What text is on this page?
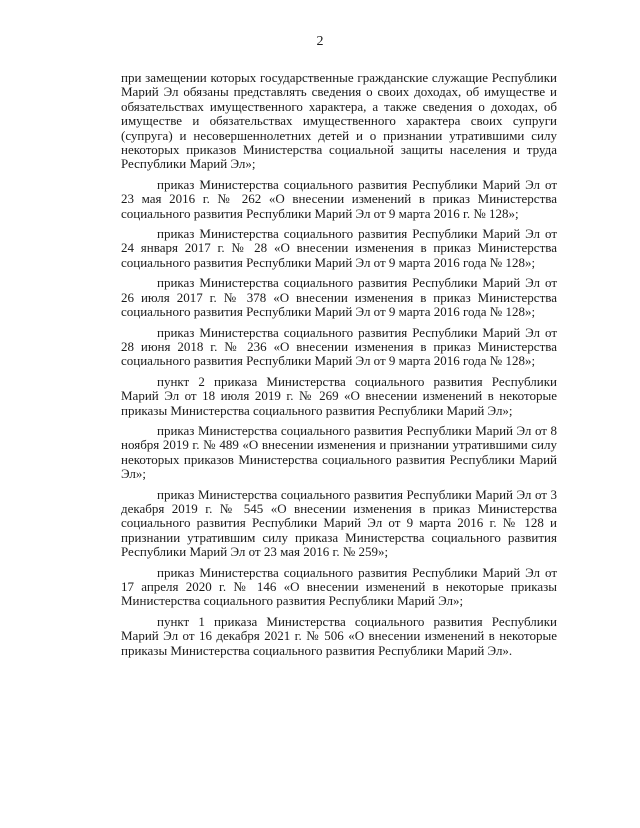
2

при замещении которых государственные гражданские служащие Республики Марий Эл обязаны представлять сведения о своих доходах, об имуществе и обязательствах имущественного характера, а также сведения о доходах, об имуществе и обязательствах имущественного характера своих супруги (супруга) и несовершеннолетних детей и о признании утратившими силу некоторых приказов Министерства социальной защиты населения и труда Республики Марий Эл»;

приказ Министерства социального развития Республики Марий Эл от 23 мая 2016 г. № 262 «О внесении изменений в приказ Министерства социального развития Республики Марий Эл от 9 марта 2016 г. № 128»;

приказ Министерства социального развития Республики Марий Эл от 24 января 2017 г. № 28 «О внесении изменения в приказ Министерства социального развития Республики Марий Эл от 9 марта 2016 года № 128»;

приказ Министерства социального развития Республики Марий Эл от 26 июля 2017 г. № 378 «О внесении изменения в приказ Министерства социального развития Республики Марий Эл от 9 марта 2016 года № 128»;

приказ Министерства социального развития Республики Марий Эл от 28 июня 2018 г. № 236 «О внесении изменения в приказ Министерства социального развития Республики Марий Эл от 9 марта 2016 года № 128»;

пункт 2 приказа Министерства социального развития Республики Марий Эл от 18 июля 2019 г. № 269 «О внесении изменений в некоторые приказы Министерства социального развития Республики Марий Эл»;

приказ Министерства социального развития Республики Марий Эл от 8 ноября 2019 г. № 489 «О внесении изменения и признании утратившими силу некоторых приказов Министерства социального развития Республики Марий Эл»;

приказ Министерства социального развития Республики Марий Эл от 3 декабря 2019 г. № 545 «О внесении изменения в приказ Министерства социального развития Республики Марий Эл от 9 марта 2016 г. № 128 и признании утратившим силу приказа Министерства социального развития Республики Марий Эл от 23 мая 2016 г. № 259»;

приказ Министерства социального развития Республики Марий Эл от 17 апреля 2020 г. № 146 «О внесении изменений в некоторые приказы Министерства социального развития Республики Марий Эл»;

пункт 1 приказа Министерства социального развития Республики Марий Эл от 16 декабря 2021 г. № 506 «О внесении изменений в некоторые приказы Министерства социального развития Республики Марий Эл».
